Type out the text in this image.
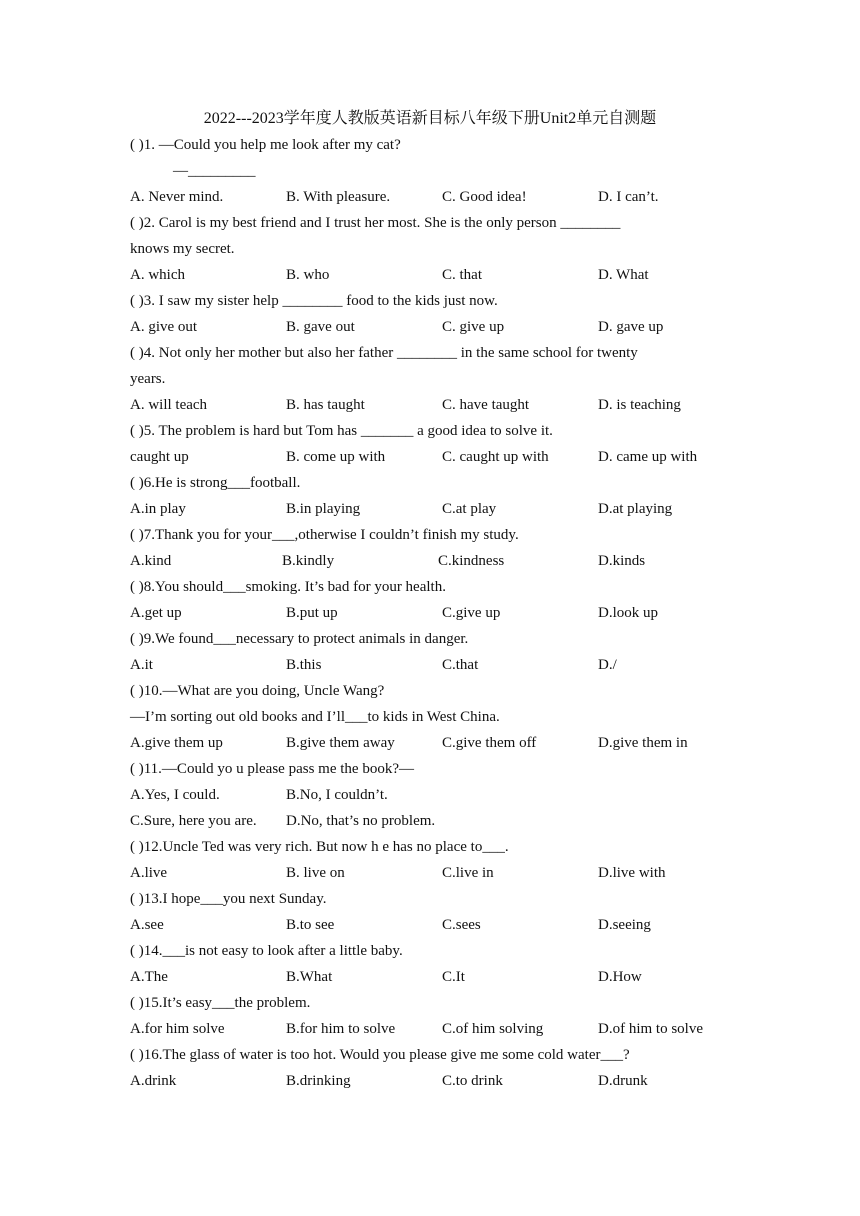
2022---2023学年度人教版英语新目标八年级下册Unit2单元自测题
( )1. —Could you help me look after my cat?
—_________
A. Never mind.	B. With pleasure.	C. Good idea!	D. I can’t.
( )2. Carol is my best friend and I trust her most. She is the only person ________
knows my secret.
A. which	B. who	C. that	D. What
( )3. I saw my sister help ________ food to the kids just now.
A. give out	B. gave out	C. give up	D. gave up
( )4. Not only her mother but also her father ________ in the same school for twenty
years.
A. will teach	B. has taught	C. have taught	D. is teaching
( )5. The problem is hard but Tom has _______ a good idea to solve it.
caught up	B. come up with	C. caught up with	D. came up with
( )6.He is strong___football.
A.in play	B.in playing	C.at play	D.at playing
( )7.Thank you for your___,otherwise I couldn’t finish my study.
A.kind	B.kindly	C.kindness	D.kinds
( )8.You should___smoking. It’s bad for your health.
A.get up	B.put up	C.give up	D.look up
( )9.We found___necessary to protect animals in danger.
A.it	B.this	C.that	D./
( )10.—What are you doing, Uncle Wang?
—I’m sorting out old books and I’ll___to kids in West China.
A.give them up	B.give them away	C.give them off	D.give them in
( )11.—Could yo u please pass me the book?—
A.Yes, I could.	B.No, I couldn’t.
C.Sure, here you are. D.No, that’s no problem.
( )12.Uncle Ted was very rich. But now h e has no place to___.
A.live	B. live on	C.live in	D.live with
( )13.I hope___you next Sunday.
A.see	B.to see	C.sees	D.seeing
( )14.___is not easy to look after a little baby.
A.The	B.What	C.It	D.How
( )15.It’s easy___the problem.
A.for him solve	B.for him to solve	C.of him solving	D.of him to solve
( )16.The glass of water is too hot. Would you please give me some cold water___?
A.drink	B.drinking	C.to drink	D.drunk
